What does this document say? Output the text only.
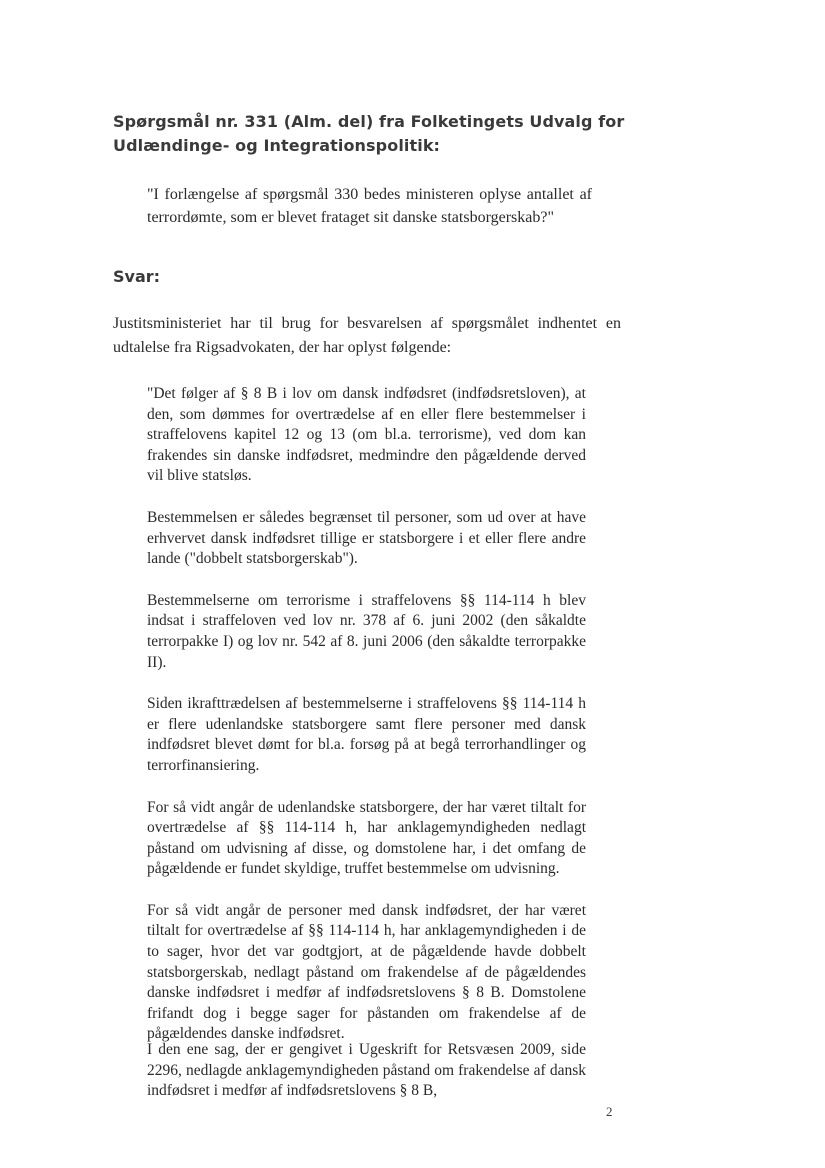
Spørgsmål nr. 331 (Alm. del) fra Folketingets Udvalg for Udlændinge- og Integrationspolitik:
"I forlængelse af spørgsmål 330 bedes ministeren oplyse antallet af terrordømte, som er blevet frataget sit danske statsborgerskab?"
Svar:
Justitsministeriet har til brug for besvarelsen af spørgsmålet indhentet en udtalelse fra Rigsadvokaten, der har oplyst følgende:

"Det følger af § 8 B i lov om dansk indfødsret (indfødsretsloven), at den, som dømmes for overtrædelse af en eller flere bestemmelser i straffelovens kapitel 12 og 13 (om bl.a. terrorisme), ved dom kan frakendes sin danske indfødsret, medmindre den pågældende derved vil blive statsløs.

Bestemmelsen er således begrænset til personer, som ud over at have erhvervet dansk indfødsret tillige er statsborgere i et eller flere andre lande ("dobbelt statsborgerskab").

Bestemmelserne om terrorisme i straffelovens §§ 114-114 h blev indsat i straffeloven ved lov nr. 378 af 6. juni 2002 (den såkaldte terrorpakke I) og lov nr. 542 af 8. juni 2006 (den såkaldte terrorpakke II).

Siden ikrafttrædelsen af bestemmelserne i straffelovens §§ 114-114 h er flere udenlandske statsborgere samt flere personer med dansk indfødsret blevet dømt for bl.a. forsøg på at begå terrorhandlinger og terrorfinansiering.

For så vidt angår de udenlandske statsborgere, der har været tiltalt for overtrædelse af §§ 114-114 h, har anklagemyndigheden nedlagt påstand om udvisning af disse, og domstolene har, i det omfang de pågældende er fundet skyldige, truffet bestemmelse om udvisning.

For så vidt angår de personer med dansk indfødsret, der har været tiltalt for overtrædelse af §§ 114-114 h, har anklagemyndigheden i de to sager, hvor det var godtgjort, at de pågældende havde dobbelt statsborgerskab, nedlagt påstand om frakendelse af de pågældendes danske indfødsret i medfør af indfødsretslovens § 8 B. Domstolene frifandt dog i begge sager for påstanden om frakendelse af de pågældendes danske indfødsret.

I den ene sag, der er gengivet i Ugeskrift for Retsvæsen 2009, side 2296, nedlagde anklagemyndigheden påstand om frakendelse af dansk indfødsret i medfør af indfødsretslovens § 8 B,
2
